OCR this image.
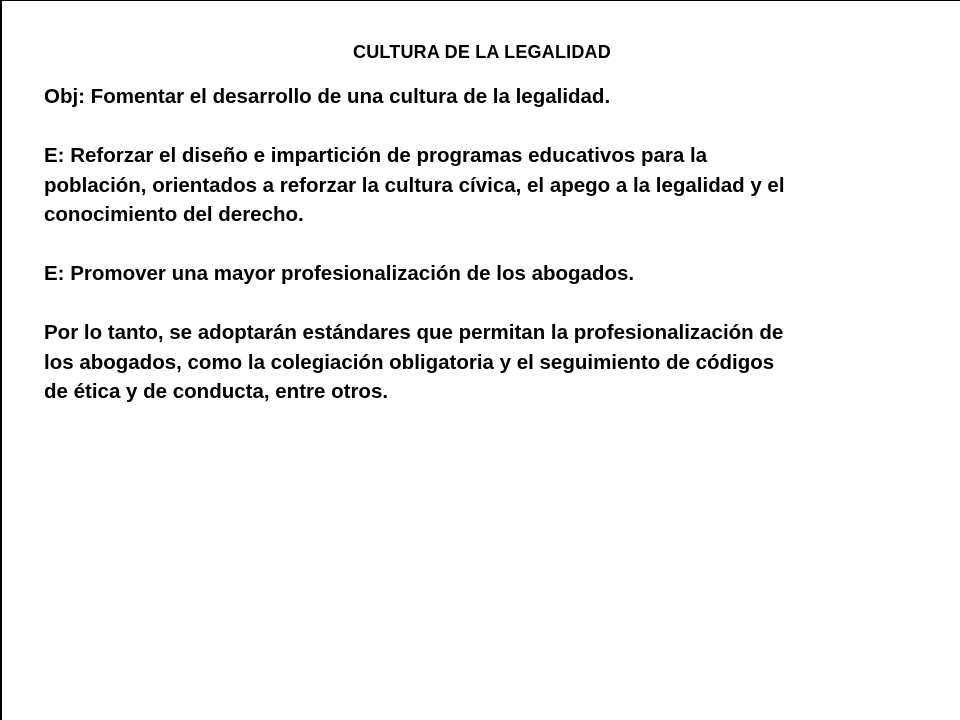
CULTURA DE LA LEGALIDAD

Obj: Fomentar el desarrollo de una cultura de la legalidad.

E: Reforzar el diseño e impartición de programas educativos para la
población, orientados a reforzar la cultura cívica, el apego a la legalidad y el
conocimiento del derecho.

E: Promover una mayor profesionalización de los abogados.

Por lo tanto, se adoptarán estándares que permitan la profesionalización de
los abogados, como la colegiación obligatoria y el seguimiento de códigos
de ética y de conducta, entre otros.
